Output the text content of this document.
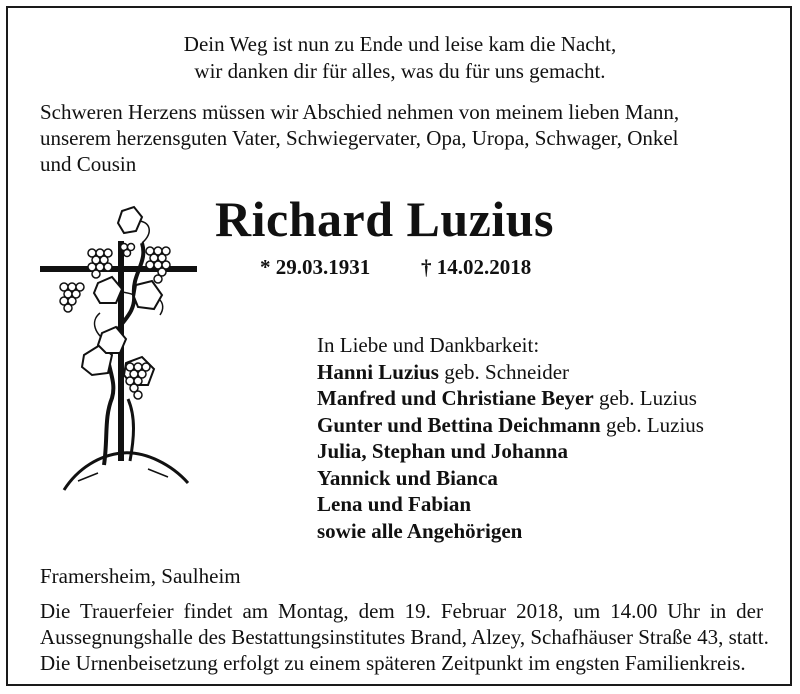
Dein Weg ist nun zu Ende und leise kam die Nacht,
wir danken dir für alles, was du für uns gemacht.

Schweren Herzens müssen wir Abschied nehmen von meinem lieben Mann,

unserem herzensguten Vater, Schwiegervater, Opa, Uropa, Schwager, Onkel

und Cousin

Richard Luzius
* 29.03.1931 † 14.02.2018
In Liebe und Dankbarkeit:
Hanni Luzius geb. Schneider
Manfred und Christiane Beyer geb. Luzius
Gunter und Bettina Deichmann geb. Luzius
Julia, Stephan und Johanna
Yannick und Bianca
Lena und Fabian
sowie alle Angehörigen
Framersheim, Saulheim
Die Trauerfeier findet am Montag, dem 19. Februar 2018, um 14.00 Uhr in der
Aussegnungshalle des Bestattungsinstitutes Brand, Alzey, Schafhäuser Straße 43, statt.
Die Urnenbeisetzung erfolgt zu einem späteren Zeitpunkt im engsten Familienkreis.
